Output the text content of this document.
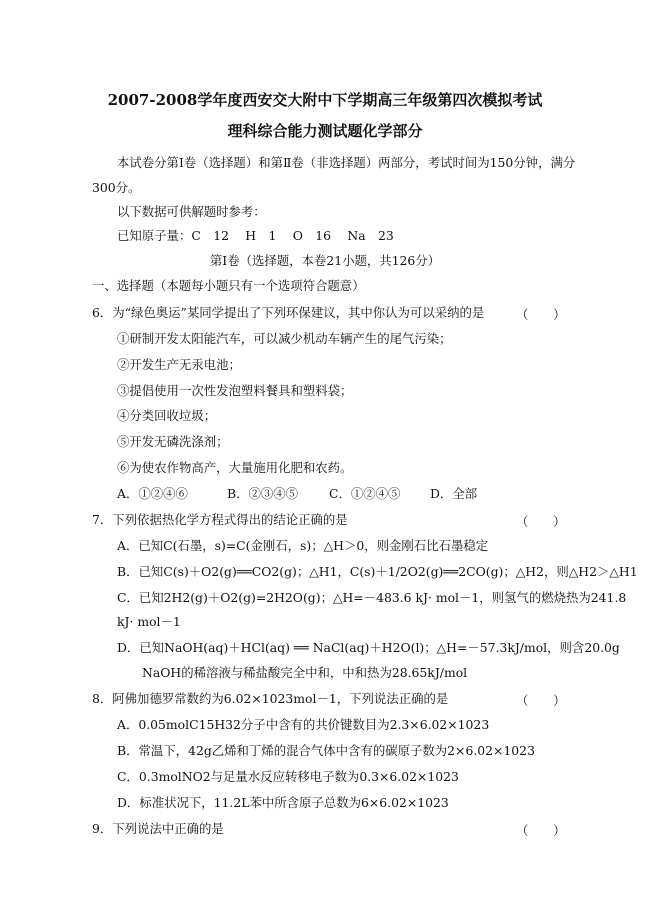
2007-2008学年度西安交大附中下学期高三年级第四次模拟考试
理科综合能力测试题化学部分
本试卷分第Ⅰ卷（选择题）和第Ⅱ卷（非选择题）两部分，考试时间为150分钟，满分
300分。
以下数据可供解题时参考：
已知原子量：C　12　 H　1　 O　16　 Na　23
第Ⅰ卷（选择题，本卷21小题，共126分）
一、选择题（本题每小题只有一个选项符合题意）
6．为“绿色奥运”某同学提出了下列环保建议，其中你认为可以采纳的是	（　　）
①研制开发太阳能汽车，可以减少机动车辆产生的尾气污染；
②开发生产无汞电池；
③提倡使用一次性发泡塑料餐具和塑料袋；
④分类回收垃圾；
⑤开发无磷洗涤剂；
⑥为使农作物高产，大量施用化肥和农药。
A．①②④⑥	B．②③④⑤ C．①②④⑤ D．全部
7．下列依据热化学方程式得出的结论正确的是	（　　）
A．已知C(石墨，s)=C(金刚石，s)；△H＞0，则金刚石比石墨稳定
B．已知C(s)＋O2(g)══CO2(g)；△H1，C(s)＋1/2O2(g)══2CO(g)；△H2，则△H2＞△H1
C．已知2H2(g)＋O2(g)=2H2O(g)；△H=－483.6 kJ· mol－1，则氢气的燃烧热为241.8
kJ· mol－1
D．已知NaOH(aq)＋HCl(aq) ══ NaCl(aq)＋H2O(l)；△H=－57.3kJ/mol，则含20.0g
NaOH的稀溶液与稀盐酸完全中和，中和热为28.65kJ/mol
8．阿佛加德罗常数约为6.02×1023mol－1，下列说法正确的是	（　　）
A．0.05molC15H32分子中含有的共价键数目为2.3×6.02×1023
B．常温下，42g乙烯和丁烯的混合气体中含有的碳原子数为2×6.02×1023
C．0.3molNO2与足量水反应转移电子数为0.3×6.02×1023
D．标准状况下，11.2L苯中所含原子总数为6×6.02×1023
9．下列说法中正确的是	（　　）
